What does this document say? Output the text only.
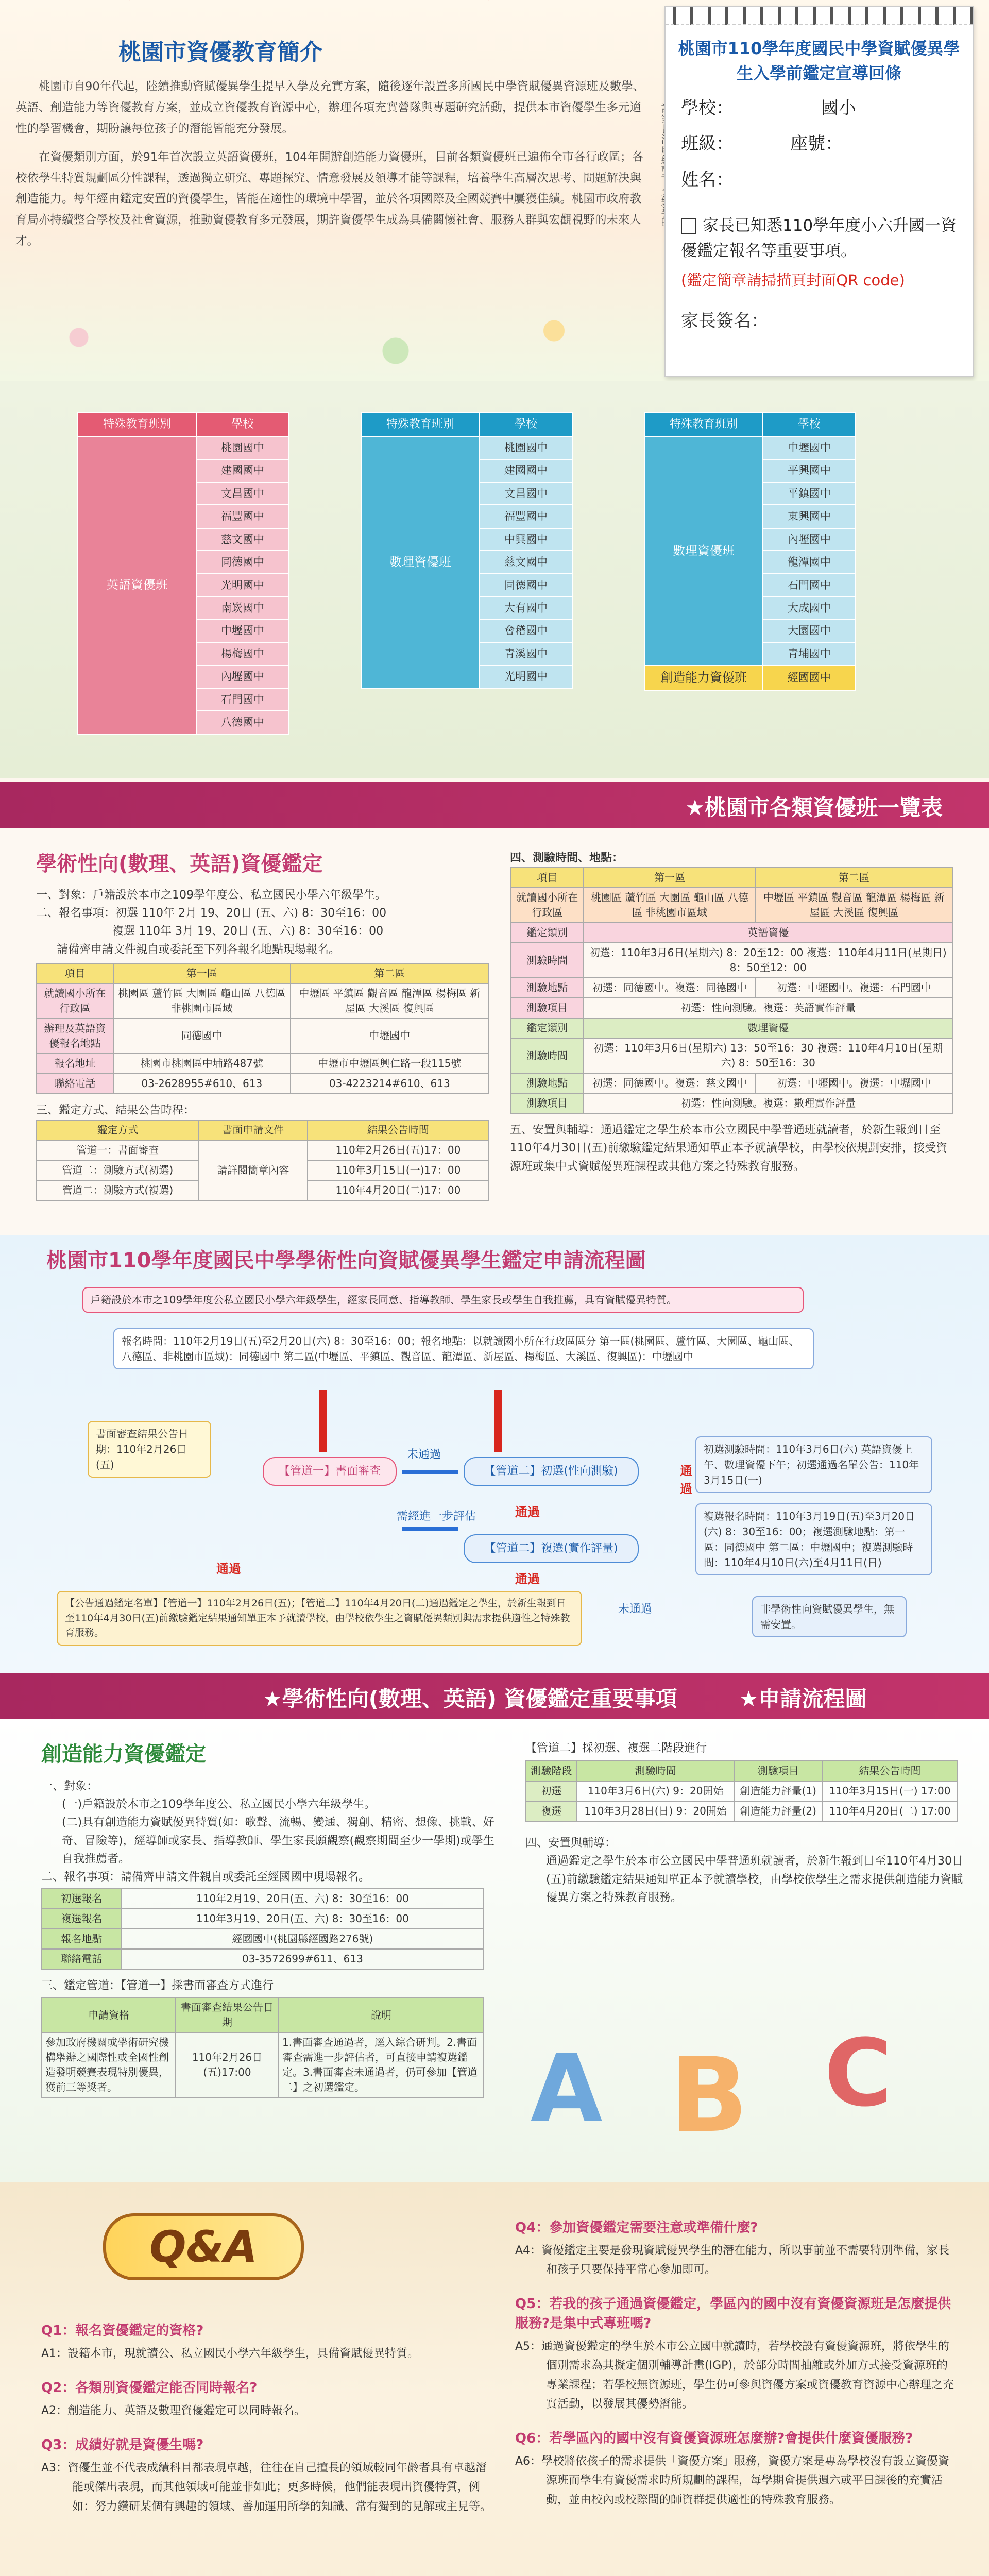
桃園市資優教育簡介
桃園市自90年代起，陸續推動資賦優異學生提早入學及充實方案，隨後逐年設置多所國民中學資賦優異資源班及數學、英語、創造能力等資優教育方案，並成立資優教育資源中心，辦理各項充實營隊與專題研究活動，提供本市資優學生多元適性的學習機會，期盼讓每位孩子的潛能皆能充分發展。
在資優類別方面，於91年首次設立英語資優班，104年開辦創造能力資優班，目前各類資優班已遍佈全市各行政區；各校依學生特質規劃區分性課程，透過獨立研究、專題探究、情意發展及領導才能等課程，培養學生高層次思考、問題解決與創造能力。每年經由鑑定安置的資優學生，皆能在適性的環境中學習，並於各項國際及全國競賽中屢獲佳績。桃園市政府教育局亦持續整合學校及社會資源，推動資優教育多元發展，期許資優學生成為具備關懷社會、服務人群與宏觀視野的未來人才。
桃園市110學年度國民中學資賦優異學生入學前鑑定宣導回條
學校：	國小
班級：	座號：
姓名：
家長已知悉110學年度小六升國一資優鑑定報名等重要事項。
(鑑定簡章請掃描頁封面QR code)
家長簽名：
特殊教育班別	學校
英語資優班	桃園國中
	建國國中
	文昌國中
	福豐國中
	慈文國中
	同德國中
	光明國中
	南崁國中
	中壢國中
	楊梅國中
	內壢國中
	石門國中
	八德國中
特殊教育班別	學校
數理資優班	桃園國中
	建國國中
	文昌國中
	福豐國中
	中興國中
	慈文國中
	同德國中
	大有國中
	會稽國中
	青溪國中
	光明國中
特殊教育班別	學校
數理資優班	中壢國中
	平興國中
	平鎮國中
	東興國中
	內壢國中
	龍潭國中
	石門國中
	大成國中
	大園國中
	青埔國中
創造能力資優班	經國國中
★桃園市各類資優班一覽表
學術性向(數理、英語)資優鑑定
一、對象：戶籍設於本市之109學年度公、私立國民小學六年級學生。
二、報名事項：初選 110年 2月 19、20日 (五、六) 8：30至16：00
複選 110年 3月 19、20日 (五、六) 8：30至16：00
請備齊申請文件親自或委託至下列各報名地點現場報名。
項目	第一區	第二區
就讀國小所在行政區	桃園區 蘆竹區 大園區 龜山區 八德區 非桃園市區域	中壢區 平鎮區 觀音區 龍潭區 楊梅區 新屋區 大溪區 復興區
辦理及英語資優報名地點	同德國中	中壢國中
報名地址	桃園市桃園區中埔路487號	中壢市中壢區興仁路一段115號
聯絡電話	03-2628955#610、613	03-4223214#610、613
三、鑑定方式、結果公告時程：
鑑定方式	書面申請文件	結果公告時間
管道一：書面審查	請詳閱簡章內容	110年2月26日(五)17：00
管道二：測驗方式(初選)		110年3月15日(一)17：00
管道二：測驗方式(複選)		110年4月20日(二)17：00
四、測驗時間、地點：
項目	第一區	第二區
就讀國小所在行政區	桃園區 蘆竹區 大園區 龜山區 八德區 非桃園市區域	中壢區 平鎮區 觀音區 龍潭區 楊梅區 新屋區 大溪區 復興區
鑑定類別	英語資優	
測驗時間	初選：110年3月6日(星期六) 8：20至12：00 複選：110年4月11日(星期日) 8：50至12：00	
測驗地點	初選：同德國中。複選：同德國中	初選：中壢國中。複選：石門國中
測驗項目	初選：性向測驗。複選：英語實作評量	
鑑定類別	數理資優	
測驗時間	初選：110年3月6日(星期六) 13：50至16：30 複選：110年4月10日(星期六) 8：50至16：30	
測驗地點	初選：同德國中。複選：慈文國中	初選：中壢國中。複選：中壢國中
測驗項目	初選：性向測驗。複選：數理實作評量	
五、安置與輔導：通過鑑定之學生於本市公立國民中學普通班就讀者，於新生報到日至110年4月30日(五)前繳驗鑑定結果通知單正本予就讀學校，由學校依規劃安排，接受資源班或集中式資賦優異班課程或其他方案之特殊教育服務。
桃園市110學年度國民中學學術性向資賦優異學生鑑定申請流程圖
戶籍設於本市之109學年度公私立國民小學六年級學生，經家長同意、指導教師、學生家長或學生自我推薦，具有資賦優異特質。
報名時間：110年2月19日(五)至2月20日(六) 8：30至16：00；報名地點：以就讀國小所在行政區區分 第一區(桃園區、蘆竹區、大園區、龜山區、八德區、非桃園市區域)：同德國中 第二區(中壢區、平鎮區、觀音區、龍潭區、新屋區、楊梅區、大溪區、復興區)：中壢國中
書面審查結果公告日期：110年2月26日(五)	【管道一】書面審查	【管道二】初選(性向測驗)
未通過
通過
初選測驗時間：110年3月6日(六) 英語資優上午、數理資優下午；初選通過名單公告：110年3月15日(一)
需經進一步評估	通過
【管道二】複選(實作評量)
複選報名時間：110年3月19日(五)至3月20日(六) 8：30至16：00；複選測驗地點：第一區：同德國中 第二區：中壢國中；複選測驗時間：110年4月10日(六)至4月11日(日)
通過
通過
【公告通過鑑定名單】【管道一】110年2月26日(五)；【管道二】110年4月20日(二)通過鑑定之學生，於新生報到日至110年4月30日(五)前繳驗鑑定結果通知單正本予就讀學校，由學校依學生之資賦優異類別與需求提供適性之特殊教育服務。
未通過	非學術性向資賦優異學生，無需安置。
★學術性向(數理、英語) 資優鑑定重要事項	★申請流程圖
創造能力資優鑑定
一、對象：
(一)戶籍設於本市之109學年度公、私立國民小學六年級學生。
(二)具有創造能力資賦優異特質(如：歌聲、流暢、變通、獨創、精密、想像、挑戰、好奇、冒險等)，經導師或家長、指導教師、學生家長願觀察(觀察期間至少一學期)或學生自我推薦者。
二、報名事項：請備齊申請文件親自或委託至經國國中現場報名。
初選報名	110年2月19、20日(五、六) 8：30至16：00
複選報名	110年3月19、20日(五、六) 8：30至16：00
報名地點	經國國中(桃園縣經國路276號)
聯絡電話	03-3572699#611、613
三、鑑定管道：【管道一】採書面審查方式進行
申請資格	書面審查結果公告日期	說明
參加政府機關或學術研究機構舉辦之國際性或全國性創造發明競賽表現特別優異，獲前三等獎者。	110年2月26日(五)17:00	1.書面審查通過者，逕入綜合研判。2.書面審查需進一步評估者，可直接申請複選鑑定。3.書面審查未通過者，仍可參加【管道二】之初選鑑定。
【管道二】採初選、複選二階段進行
測驗階段	測驗時間	測驗項目	結果公告時間
初選	110年3月6日(六) 9：20開始	創造能力評量(1)	110年3月15日(一) 17:00
複選	110年3月28日(日) 9：20開始	創造能力評量(2)	110年4月20日(二) 17:00
四、安置與輔導：
通過鑑定之學生於本市公立國民中學普通班就讀者，於新生報到日至110年4月30日(五)前繳驗鑑定結果通知單正本予就讀學校，由學校依學生之需求提供創造能力資賦優異方案之特殊教育服務。
A B C
Q&A
Q1：報名資優鑑定的資格?
A1：設籍本市，現就讀公、私立國民小學六年級學生，具備資賦優異特質。
Q2：各類別資優鑑定能否同時報名?
A2：創造能力、英語及數理資優鑑定可以同時報名。
Q3：成績好就是資優生嗎?
A3：資優生並不代表成績科目都表現卓越，往往在自己擅長的領域較同年齡者具有卓越潛能或傑出表現，而其他領域可能並非如此；更多時候，他們能表現出資優特質，例如：努力鑽研某個有興趣的領域、善加運用所學的知識、常有獨到的見解或主見等。
Q4：參加資優鑑定需要注意或準備什麼?
A4：資優鑑定主要是發現資賦優異學生的潛在能力，所以事前並不需要特別準備，家長和孩子只要保持平常心參加即可。
Q5：若我的孩子通過資優鑑定，學區內的國中沒有資優資源班是怎麼提供服務?是集中式專班嗎?
A5：通過資優鑑定的學生於本市公立國中就讀時，若學校設有資優資源班，將依學生的個別需求為其擬定個別輔導計畫(IGP)，於部分時間抽離或外加方式接受資源班的專業課程；若學校無資源班，學生仍可參與資優方案或資優教育資源中心辦理之充實活動，以發展其優勢潛能。
Q6：若學區內的國中沒有資優資源班怎麼辦?會提供什麼資優服務?
A6：學校將依孩子的需求提供「資優方案」服務，資優方案是專為學校沒有設立資優資源班而學生有資優需求時所規劃的課程，每學期會提供週六或平日課後的充實活動，並由校內或校際間的師資群提供適性的特殊教育服務。
